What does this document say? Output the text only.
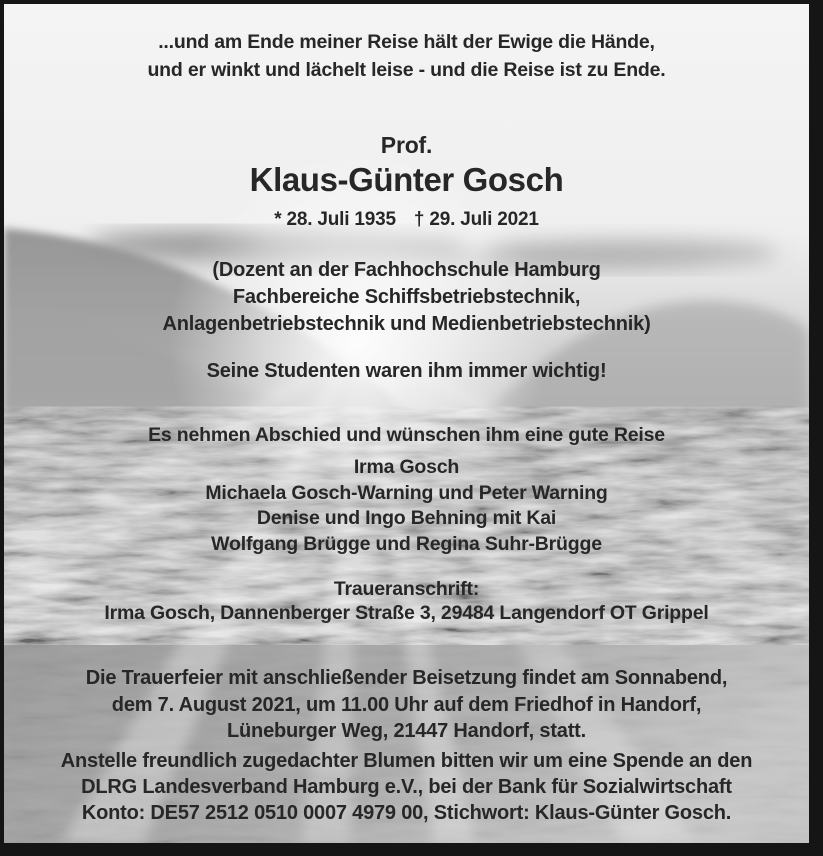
...und am Ende meiner Reise hält der Ewige die Hände,
und er winkt und lächelt leise - und die Reise ist zu Ende.
Prof.
Klaus-Günter Gosch
* 28. Juli 1935 † 29. Juli 2021
(Dozent an der Fachhochschule Hamburg
Fachbereiche Schiffsbetriebstechnik,
Anlagenbetriebstechnik und Medienbetriebstechnik)
Seine Studenten waren ihm immer wichtig!
Es nehmen Abschied und wünschen ihm eine gute Reise
Irma Gosch
Michaela Gosch-Warning und Peter Warning
Denise und Ingo Behning mit Kai
Wolfgang Brügge und Regina Suhr-Brügge
Traueranschrift:
Irma Gosch, Dannenberger Straße 3, 29484 Langendorf OT Grippel
Die Trauerfeier mit anschließender Beisetzung findet am Sonnabend,
dem 7. August 2021, um 11.00 Uhr auf dem Friedhof in Handorf,
Lüneburger Weg, 21447 Handorf, statt.
Anstelle freundlich zugedachter Blumen bitten wir um eine Spende an den
DLRG Landesverband Hamburg e.V., bei der Bank für Sozialwirtschaft
Konto: DE57 2512 0510 0007 4979 00, Stichwort: Klaus-Günter Gosch.
